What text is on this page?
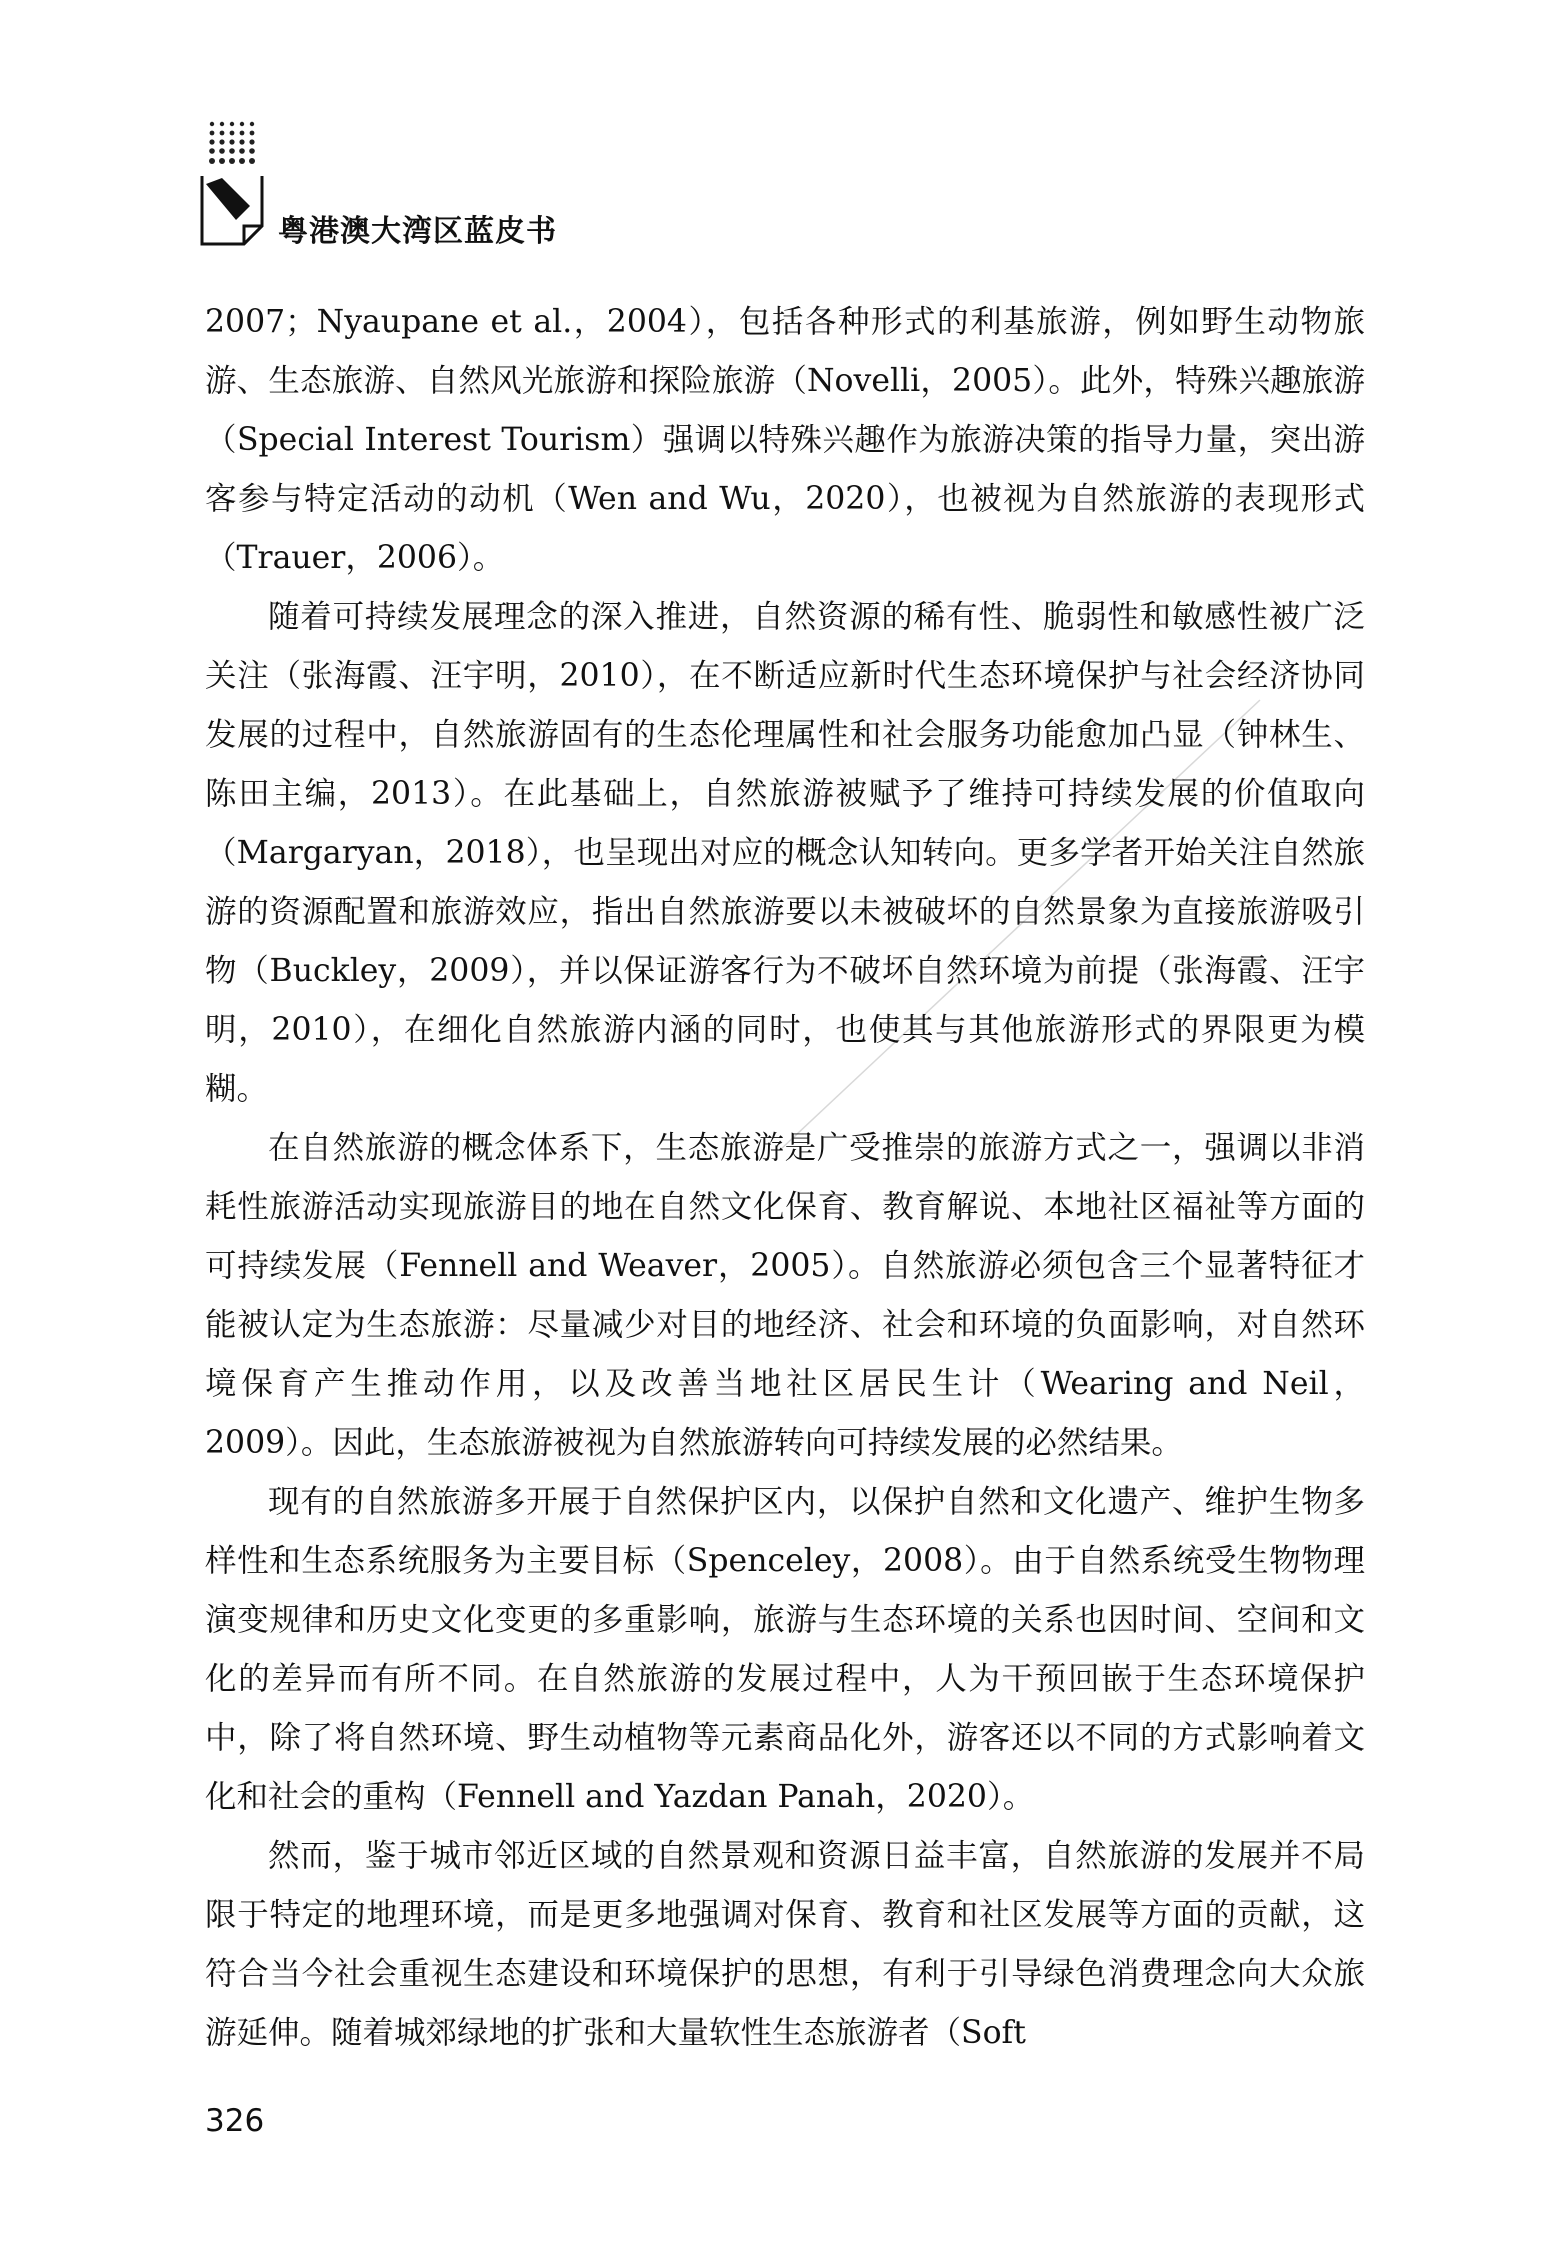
粤港澳大湾区蓝皮书

2007；Nyaupane et al.，2004），包括各种形式的利基旅游，例如野生动物旅游、生态旅游、自然风光旅游和探险旅游（Novelli，2005）。此外，特殊兴趣旅游（Special Interest Tourism）强调以特殊兴趣作为旅游决策的指导力量，突出游客参与特定活动的动机（Wen and Wu，2020），也被视为自然旅游的表现形式（Trauer，2006）。

随着可持续发展理念的深入推进，自然资源的稀有性、脆弱性和敏感性被广泛关注（张海霞、汪宇明，2010），在不断适应新时代生态环境保护与社会经济协同发展的过程中，自然旅游固有的生态伦理属性和社会服务功能愈加凸显（钟林生、陈田主编，2013）。在此基础上，自然旅游被赋予了维持可持续发展的价值取向（Margaryan，2018），也呈现出对应的概念认知转向。更多学者开始关注自然旅游的资源配置和旅游效应，指出自然旅游要以未被破坏的自然景象为直接旅游吸引物（Buckley，2009），并以保证游客行为不破坏自然环境为前提（张海霞、汪宇明，2010），在细化自然旅游内涵的同时，也使其与其他旅游形式的界限更为模糊。

在自然旅游的概念体系下，生态旅游是广受推崇的旅游方式之一，强调以非消耗性旅游活动实现旅游目的地在自然文化保育、教育解说、本地社区福祉等方面的可持续发展（Fennell and Weaver，2005）。自然旅游必须包含三个显著特征才能被认定为生态旅游：尽量减少对目的地经济、社会和环境的负面影响，对自然环境保育产生推动作用，以及改善当地社区居民生计（Wearing and Neil，2009）。因此，生态旅游被视为自然旅游转向可持续发展的必然结果。

现有的自然旅游多开展于自然保护区内，以保护自然和文化遗产、维护生物多样性和生态系统服务为主要目标（Spenceley，2008）。由于自然系统受生物物理演变规律和历史文化变更的多重影响，旅游与生态环境的关系也因时间、空间和文化的差异而有所不同。在自然旅游的发展过程中，人为干预回嵌于生态环境保护中，除了将自然环境、野生动植物等元素商品化外，游客还以不同的方式影响着文化和社会的重构（Fennell and Yazdan Panah，2020）。

然而，鉴于城市邻近区域的自然景观和资源日益丰富，自然旅游的发展并不局限于特定的地理环境，而是更多地强调对保育、教育和社区发展等方面的贡献，这符合当今社会重视生态建设和环境保护的思想，有利于引导绿色消费理念向大众旅游延伸。随着城郊绿地的扩张和大量软性生态旅游者（Soft

326
